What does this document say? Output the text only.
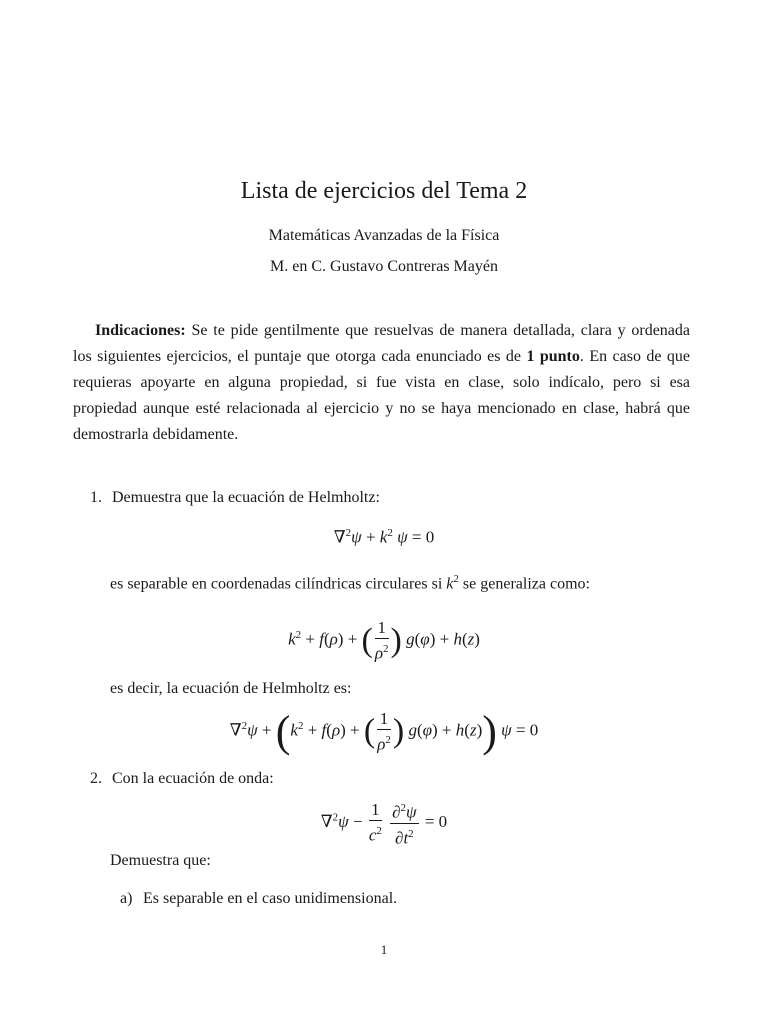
Lista de ejercicios del Tema 2
Matemáticas Avanzadas de la Física
M. en C. Gustavo Contreras Mayén
Indicaciones: Se te pide gentilmente que resuelvas de manera detallada, clara y ordenada los siguientes ejercicios, el puntaje que otorga cada enunciado es de 1 punto. En caso de que requieras apoyarte en alguna propiedad, si fue vista en clase, solo indícalo, pero si esa propiedad aunque esté relacionada al ejercicio y no se haya mencionado en clase, habrá que demostrarla debidamente.
1. Demuestra que la ecuación de Helmholtz:
$\nabla^2\psi + k^2$ ψ = 0
es separable en coordenadas cilíndricas circulares si $k^2$ se generaliza como:
$k^2 + f(\rho)$ + ( $\frac{1}{\rho^2}$ ) g(φ) + h(z)
es decir, la ecuación de Helmholtz es:
$\nabla^2\psi + (k^2 + f(\rho)$ + ( $\frac{1}{\rho^2}$ ) g(φ) + h(z)) ψ = 0
2. Con la ecuación de onda:
$\nabla^2\psi - \frac{1}{c^2}$
$\frac{\partial^2\psi}{\partial t^2} = 0$
Demuestra que:
a) Es separable en el caso unidimensional.
1
